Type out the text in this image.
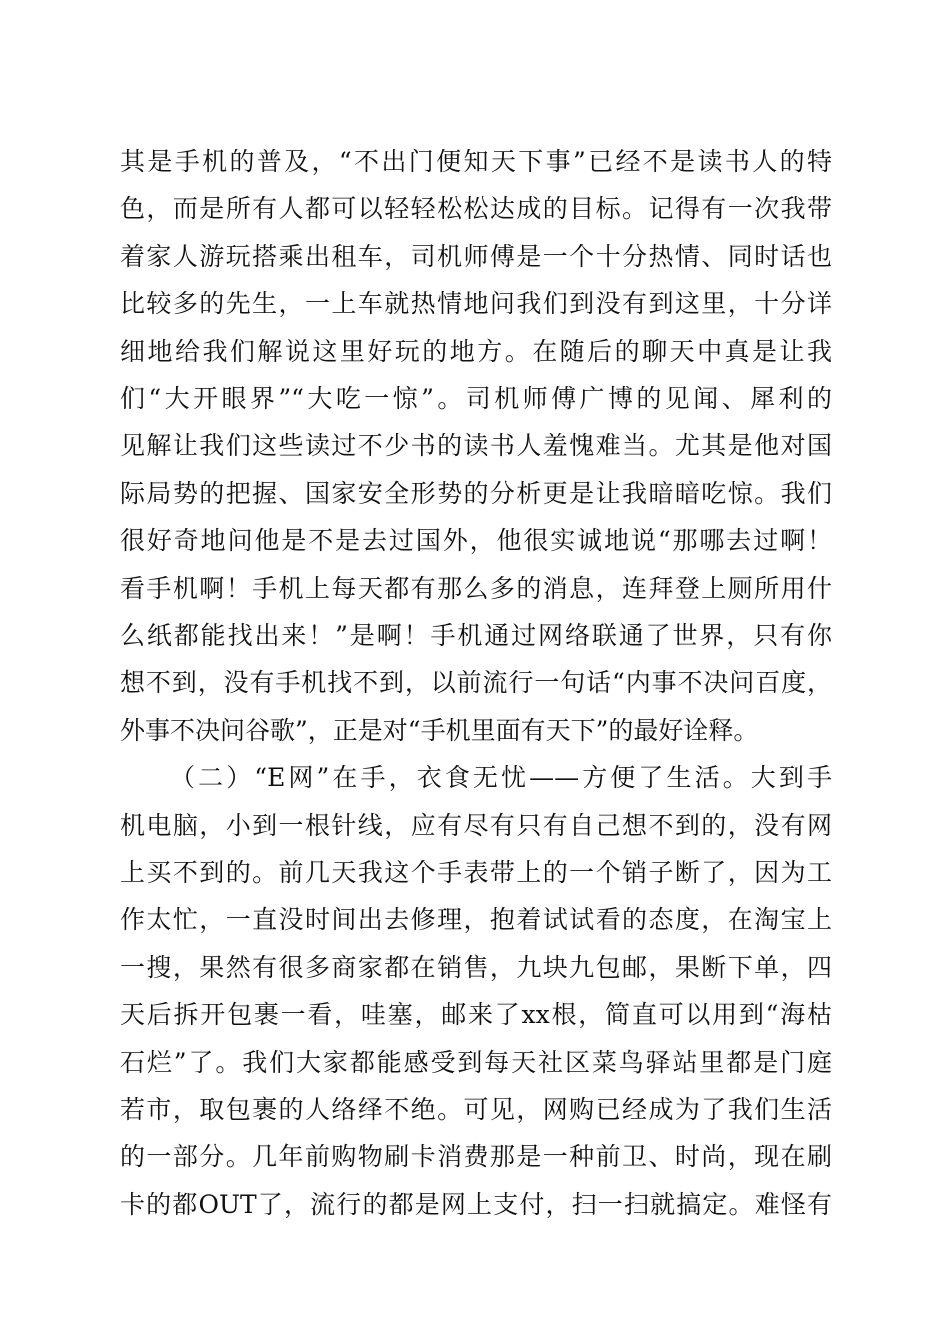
其是手机的普及，“不出门便知天下事”已经不是读书人的特
色，而是所有人都可以轻轻松松达成的目标。记得有一次我带
着家人游玩搭乘出租车，司机师傅是一个十分热情、同时话也
比较多的先生，一上车就热情地问我们到没有到这里，十分详
细地给我们解说这里好玩的地方。在随后的聊天中真是让我
们“大开眼界”“大吃一惊”。司机师傅广博的见闻、犀利的
见解让我们这些读过不少书的读书人羞愧难当。尤其是他对国
际局势的把握、国家安全形势的分析更是让我暗暗吃惊。我们
很好奇地问他是不是去过国外，他很实诚地说“那哪去过啊！
看手机啊！手机上每天都有那么多的消息，连拜登上厕所用什
么纸都能找出来！”是啊！手机通过网络联通了世界，只有你
想不到，没有手机找不到，以前流行一句话“内事不决问百度，
外事不决问谷歌”，正是对“手机里面有天下”的最好诠释。
（二）“E网”在手，衣食无忧——方便了生活。大到手
机电脑，小到一根针线，应有尽有只有自己想不到的，没有网
上买不到的。前几天我这个手表带上的一个销子断了，因为工
作太忙，一直没时间出去修理，抱着试试看的态度，在淘宝上
一搜，果然有很多商家都在销售，九块九包邮，果断下单，四
天后拆开包裹一看，哇塞，邮来了xx根，简直可以用到“海枯
石烂”了。我们大家都能感受到每天社区菜鸟驿站里都是门庭
若市，取包裹的人络绎不绝。可见，网购已经成为了我们生活
的一部分。几年前购物刷卡消费那是一种前卫、时尚，现在刷
卡的都OUT了，流行的都是网上支付，扫一扫就搞定。难怪有
